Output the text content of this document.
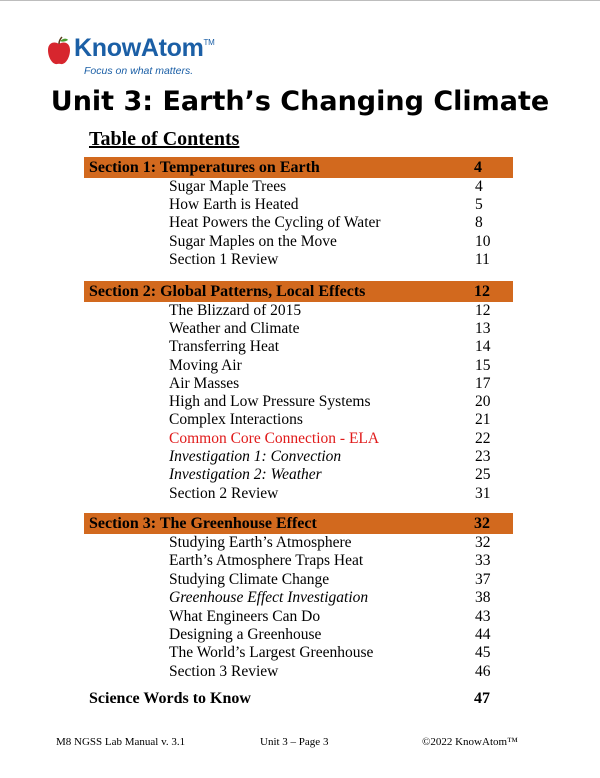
KnowAtom™
Focus on what matters.
Unit 3: Earth’s Changing Climate
Table of Contents
Section 1: Temperatures on Earth	4
Sugar Maple Trees	4
How Earth is Heated	5
Heat Powers the Cycling of Water	8
Sugar Maples on the Move	10
Section 1 Review	11
Section 2: Global Patterns, Local Effects	12
The Blizzard of 2015	12
Weather and Climate	13
Transferring Heat	14
Moving Air	15
Air Masses	17
High and Low Pressure Systems	20
Complex Interactions	21
Common Core Connection - ELA	22
Investigation 1: Convection	23
Investigation 2: Weather	25
Section 2 Review	31
Section 3: The Greenhouse Effect	32
Studying Earth’s Atmosphere	32
Earth’s Atmosphere Traps Heat	33
Studying Climate Change	37
Greenhouse Effect Investigation	38
What Engineers Can Do	43
Designing a Greenhouse	44
The World’s Largest Greenhouse	45
Section 3 Review	46
Science Words to Know	47
M8 NGSS Lab Manual v. 3.1	Unit 3 – Page 3	©2022 KnowAtom™
